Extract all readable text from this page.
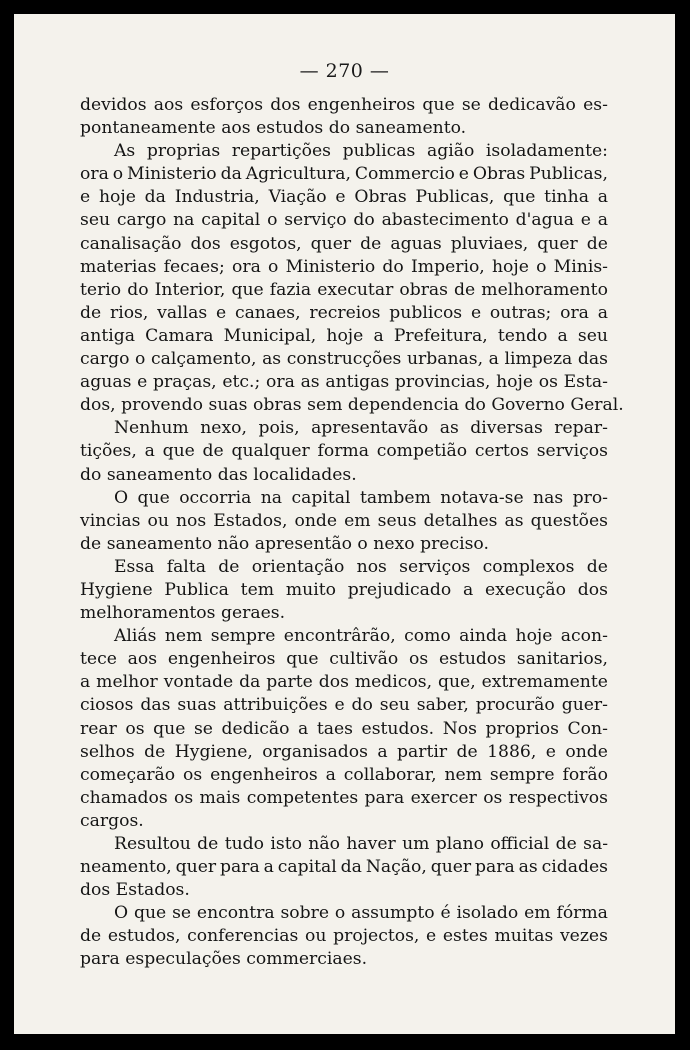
— 270 —
devidos aos esforços dos engenheiros que se dedicavão es-
pontaneamente aos estudos do saneamento.
As proprias repartições publicas agião isoladamente:
ora o Ministerio da Agricultura, Commercio e Obras Publicas,
e hoje da Industria, Viação e Obras Publicas, que tinha a
seu cargo na capital o serviço do abastecimento d'agua e a
canalisação dos esgotos, quer de aguas pluviaes, quer de
materias fecaes; ora o Ministerio do Imperio, hoje o Minis-
terio do Interior, que fazia executar obras de melhoramento
de rios, vallas e canaes, recreios publicos e outras; ora a
antiga Camara Municipal, hoje a Prefeitura, tendo a seu
cargo o calçamento, as construcções urbanas, a limpeza das
aguas e praças, etc.; ora as antigas provincias, hoje os Esta-
dos, provendo suas obras sem dependencia do Governo Geral.
Nenhum nexo, pois, apresentavão as diversas repar-
tições, a que de qualquer forma competião certos serviços
do saneamento das localidades.
O que occorria na capital tambem notava-se nas pro-
vincias ou nos Estados, onde em seus detalhes as questões
de saneamento não apresentão o nexo preciso.
Essa falta de orientação nos serviços complexos de
Hygiene Publica tem muito prejudicado a execução dos
melhoramentos geraes.
Aliás nem sempre encontrârão, como ainda hoje acon-
tece aos engenheiros que cultivão os estudos sanitarios,
a melhor vontade da parte dos medicos, que, extremamente
ciosos das suas attribuições e do seu saber, procurão guer-
rear os que se dedicão a taes estudos. Nos proprios Con-
selhos de Hygiene, organisados a partir de 1886, e onde
começarão os engenheiros a collaborar, nem sempre forão
chamados os mais competentes para exercer os respectivos
cargos.
Resultou de tudo isto não haver um plano official de sa-
neamento, quer para a capital da Nação, quer para as cidades
dos Estados.
O que se encontra sobre o assumpto é isolado em fórma
de estudos, conferencias ou projectos, e estes muitas vezes
para especulações commerciaes.
